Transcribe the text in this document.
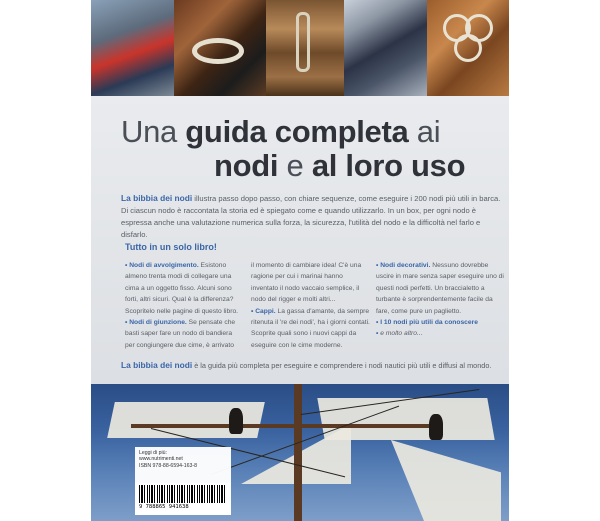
Una guida completa ai
nodi e al loro uso
La bibbia dei nodi illustra passo dopo passo, con chiare sequenze, come eseguire i 200 nodi più utili in barca. Di ciascun nodo è raccontata la storia ed è spiegato come e quando utilizzarlo. In un box, per ogni nodo è espressa anche una valutazione numerica sulla forza, la sicurezza, l'utilità del nodo e la difficoltà nel farlo e disfarlo.
Tutto in un solo libro!
• Nodi di avvolgimento. Esistono almeno trenta modi di collegare una cima a un oggetto fisso. Alcuni sono forti, altri sicuri. Qual è la differenza? Scopritelo nelle pagine di questo libro.
• Nodi di giunzione. Se pensate che basti saper fare un nodo di bandiera per congiungere due cime, è arrivato
il momento di cambiare idea! C'è una ragione per cui i marinai hanno inventato il nodo vaccaio semplice, il nodo del rigger e molti altri...
• Cappi. La gassa d'amante, da sempre ritenuta il 're dei nodi', ha i giorni contati. Scoprite quali sono i nuovi cappi da eseguire con le cime moderne.
• Nodi decorativi. Nessuno dovrebbe uscire in mare senza saper eseguire uno di questi nodi perfetti. Un braccialetto a turbante è sorprendentemente facile da fare, come pure un paglietto.
• I 10 nodi più utili da conoscere
• e molto altro...
La bibbia dei nodi è la guida più completa per eseguire e comprendere i nodi nautici più utili e diffusi al mondo.
Leggi di più:
www.nutrimenti.net
ISBN 978-88-6594-163-8
9 788865 941638
